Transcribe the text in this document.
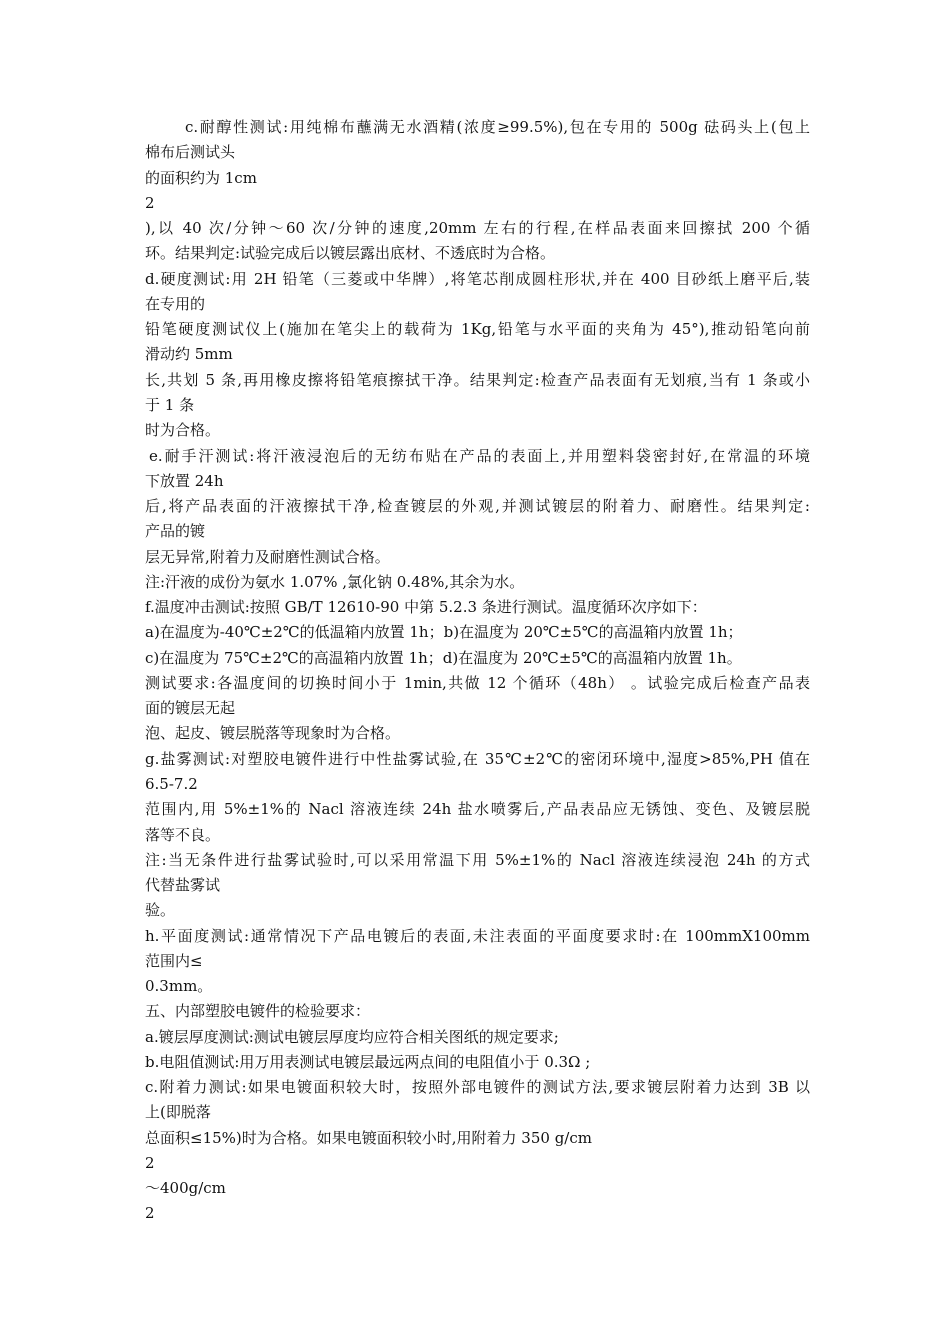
c.耐醇性测试:用纯棉布蘸满无水酒精(浓度≥99.5%),包在专用的 500g 砝码头上(包上
棉布后测试头
的面积约为 1cm
2
),以 40 次/分钟～60 次/分钟的速度,20mm 左右的行程,在样品表面来回擦拭 200 个循
环。结果判定:试验完成后以镀层露出底材、不透底时为合格。
d.硬度测试:用 2H 铅笔（三菱或中华牌）,将笔芯削成圆柱形状,并在 400 目砂纸上磨平后,装
在专用的
铅笔硬度测试仪上(施加在笔尖上的载荷为 1Kg,铅笔与水平面的夹角为 45°),推动铅笔向前
滑动约 5mm
长,共划 5 条,再用橡皮擦将铅笔痕擦拭干净。结果判定:检查产品表面有无划痕,当有 1 条或小
于 1 条
时为合格。
e.耐手汗测试:将汗液浸泡后的无纺布贴在产品的表面上,并用塑料袋密封好,在常温的环境
下放置 24h
后,将产品表面的汗液擦拭干净,检查镀层的外观,并测试镀层的附着力、耐磨性。结果判定:
产品的镀
层无异常,附着力及耐磨性测试合格。
注:汗液的成份为氨水 1.07% ,氯化钠 0.48%,其余为水。
f.温度冲击测试:按照 GB/T 12610-90 中第 5.2.3 条进行测试。温度循环次序如下：
a)在温度为-40℃±2℃的低温箱内放置 1h；b)在温度为 20℃±5℃的高温箱内放置 1h；
c)在温度为 75℃±2℃的高温箱内放置 1h；d)在温度为 20℃±5℃的高温箱内放置 1h。
测试要求:各温度间的切换时间小于 1min,共做 12 个循环（48h） 。试验完成后检查产品表
面的镀层无起
泡、起皮、镀层脱落等现象时为合格。
g.盐雾测试:对塑胶电镀件进行中性盐雾试验,在 35℃±2℃的密闭环境中,湿度>85%,PH 值在
6.5-7.2
范围内,用 5%±1%的 Nacl 溶液连续 24h 盐水喷雾后,产品表品应无锈蚀、变色、及镀层脱
落等不良。
注:当无条件进行盐雾试验时,可以采用常温下用 5%±1%的 Nacl 溶液连续浸泡 24h 的方式
代替盐雾试
验。
h.平面度测试:通常情况下产品电镀后的表面,未注表面的平面度要求时:在 100mmX100mm
范围内≤
0.3mm。
五、内部塑胶电镀件的检验要求：
a.镀层厚度测试:测试电镀层厚度均应符合相关图纸的规定要求;
b.电阻值测试:用万用表测试电镀层最远两点间的电阻值小于 0.3Ω ;
c.附着力测试:如果电镀面积较大时，按照外部电镀件的测试方法,要求镀层附着力达到 3B 以
上(即脱落
总面积≤15%)时为合格。如果电镀面积较小时,用附着力 350 g/cm
2
～400g/cm
2
